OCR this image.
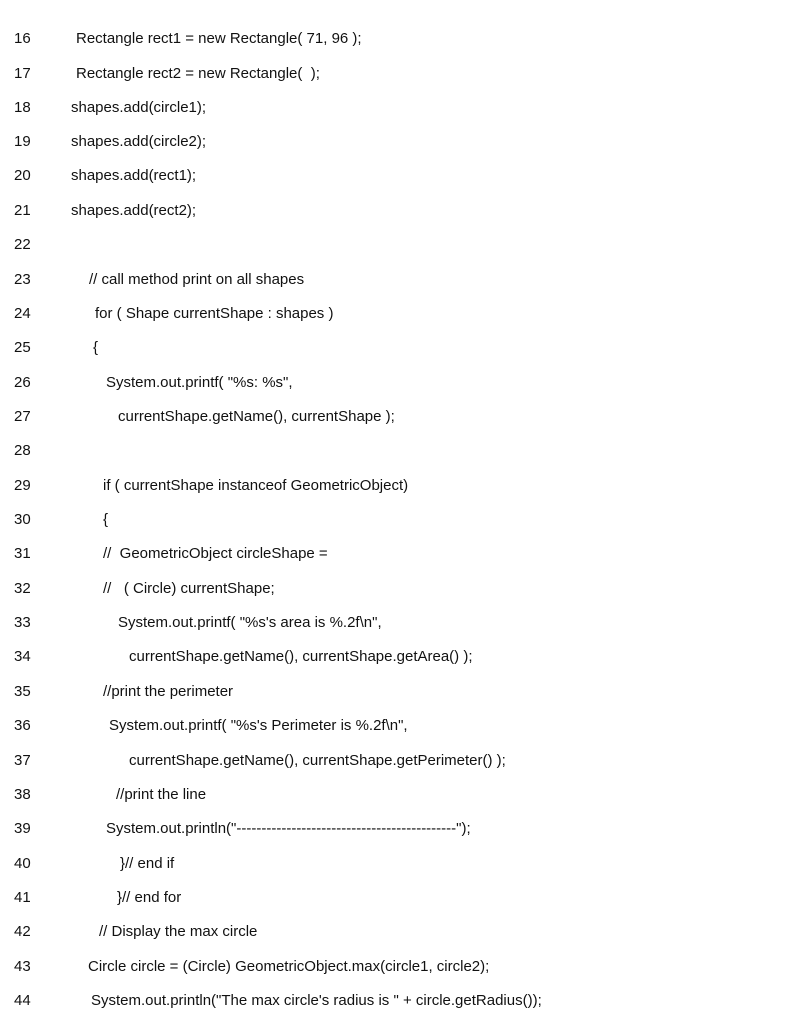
16	Rectangle rect1 = new Rectangle( 71, 96 );
17	Rectangle rect2 = new Rectangle(  );
18	shapes.add(circle1);
19	shapes.add(circle2);
20	shapes.add(rect1);
21	shapes.add(rect2);
22
23	// call method print on all shapes
24	for ( Shape currentShape : shapes )
25	{
26	System.out.printf( "%s: %s",
27	currentShape.getName(), currentShape );
28
29	if ( currentShape instanceof GeometricObject)
30	{
31	//  GeometricObject circleShape =
32	//   ( Circle) currentShape;
33	System.out.printf( "%s's area is %.2f\n",
34	currentShape.getName(), currentShape.getArea() );
35	//print the perimeter
36	System.out.printf( "%s's Perimeter is %.2f\n",
37	currentShape.getName(), currentShape.getPerimeter() );
38	//print the line
39	System.out.println("--------------------------------------------");
40	}// end if
41	}// end for
42	// Display the max circle
43	Circle circle = (Circle) GeometricObject.max(circle1, circle2);
44	System.out.println("The max circle's radius is " + circle.getRadius());
